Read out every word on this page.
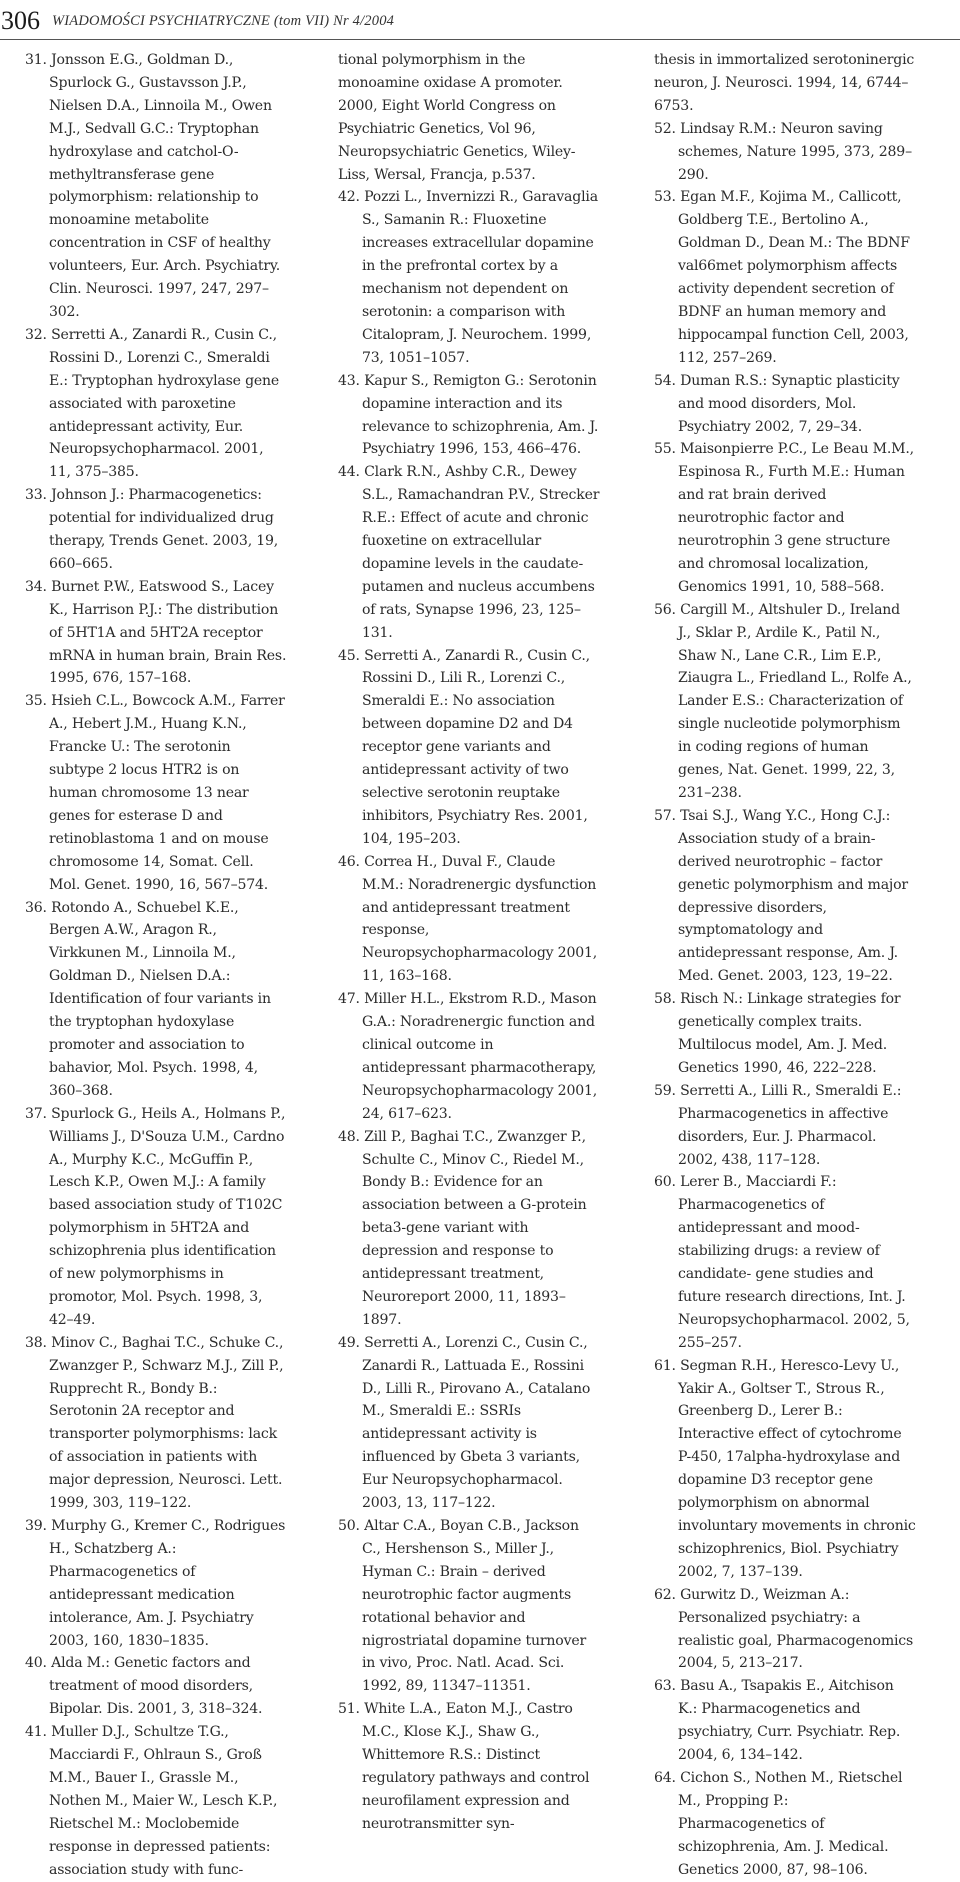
306 WIADOMOŚCI PSYCHIATRYCZNE (tom VII) Nr 4/2004

31. Jonsson E.G., Goldman D., Spurlock G., Gustavsson J.P., Nielsen D.A., Linnoila M., Owen M.J., Sedvall G.C.: Tryptophan hydroxylase and catchol-O-methyltransferase gene polymorphism: relationship to monoamine metabolite concentration in CSF of healthy volunteers, Eur. Arch. Psychiatry. Clin. Neurosci. 1997, 247, 297–302.

32. Serretti A., Zanardi R., Cusin C., Rossini D., Lorenzi C., Smeraldi E.: Tryptophan hydroxylase gene associated with paroxetine antidepressant activity, Eur. Neuropsychopharmacol. 2001, 11, 375–385.

33. Johnson J.: Pharmacogenetics: potential for individualized drug therapy, Trends Genet. 2003, 19, 660–665.

34. Burnet P.W., Eatswood S., Lacey K., Harrison P.J.: The distribution of 5HT1A and 5HT2A receptor mRNA in human brain, Brain Res. 1995, 676, 157–168.

35. Hsieh C.L., Bowcock A.M., Farrer A., Hebert J.M., Huang K.N., Francke U.: The serotonin subtype 2 locus HTR2 is on human chromosome 13 near genes for esterase D and retinoblastoma 1 and on mouse chromosome 14, Somat. Cell. Mol. Genet. 1990, 16, 567–574.

36. Rotondo A., Schuebel K.E., Bergen A.W., Aragon R., Virkkunen M., Linnoila M., Goldman D., Nielsen D.A.: Identification of four variants in the tryptophan hydoxylase promoter and association to bahavior, Mol. Psych. 1998, 4, 360–368.

37. Spurlock G., Heils A., Holmans P., Williams J., D'Souza U.M., Cardno A., Murphy K.C., McGuffin P., Lesch K.P., Owen M.J.: A family based association study of T102C polymorphism in 5HT2A and schizophrenia plus identification of new polymorphisms in promotor, Mol. Psych. 1998, 3, 42–49.

38. Minov C., Baghai T.C., Schuke C., Zwanzger P., Schwarz M.J., Zill P., Rupprecht R., Bondy B.: Serotonin 2A receptor and transporter polymorphisms: lack of association in patients with major depression, Neurosci. Lett. 1999, 303, 119–122.

39. Murphy G., Kremer C., Rodrigues H., Schatzberg A.: Pharmacogenetics of antidepressant medication intolerance, Am. J. Psychiatry 2003, 160, 1830–1835.

40. Alda M.: Genetic factors and treatment of mood disorders, Bipolar. Dis. 2001, 3, 318–324.

41. Muller D.J., Schultze T.G., Macciardi F., Ohlraun S., Groß M.M., Bauer I., Grassle M., Nothen M., Maier W., Lesch K.P., Rietschel M.: Moclobemide response in depressed patients: association study with func-

tional polymorphism in the monoamine oxidase A promoter. 2000, Eight World Congress on Psychiatric Genetics, Vol 96, Neuropsychiatric Genetics, Wiley-Liss, Wersal, Francja, p.537.

42. Pozzi L., Invernizzi R., Garavaglia S., Samanin R.: Fluoxetine increases extracellular dopamine in the prefrontal cortex by a mechanism not dependent on serotonin: a comparison with Citalopram, J. Neurochem. 1999, 73, 1051–1057.

43. Kapur S., Remigton G.: Serotonin dopamine interaction and its relevance to schizophrenia, Am. J. Psychiatry 1996, 153, 466–476.

44. Clark R.N., Ashby C.R., Dewey S.L., Ramachandran P.V., Strecker R.E.: Effect of acute and chronic fuoxetine on extracellular dopamine levels in the caudate-putamen and nucleus accumbens of rats, Synapse 1996, 23, 125–131.

45. Serretti A., Zanardi R., Cusin C., Rossini D., Lili R., Lorenzi C., Smeraldi E.: No association between dopamine D2 and D4 receptor gene variants and antidepressant activity of two selective serotonin reuptake inhibitors, Psychiatry Res. 2001, 104, 195–203.

46. Correa H., Duval F., Claude M.M.: Noradrenergic dysfunction and antidepressant treatment response, Neuropsychopharmacology 2001, 11, 163–168.

47. Miller H.L., Ekstrom R.D., Mason G.A.: Noradrenergic function and clinical outcome in antidepressant pharmacotherapy, Neuropsychopharmacology 2001, 24, 617–623.

48. Zill P., Baghai T.C., Zwanzger P., Schulte C., Minov C., Riedel M., Bondy B.: Evidence for an association between a G-protein beta3-gene variant with depression and response to antidepressant treatment, Neuroreport 2000, 11, 1893–1897.

49. Serretti A., Lorenzi C., Cusin C., Zanardi R., Lattuada E., Rossini D., Lilli R., Pirovano A., Catalano M., Smeraldi E.: SSRIs antidepressant activity is influenced by Gbeta 3 variants, Eur Neuropsychopharmacol. 2003, 13, 117–122.

50. Altar C.A., Boyan C.B., Jackson C., Hershenson S., Miller J., Hyman C.: Brain – derived neurotrophic factor augments rotational behavior and nigrostriatal dopamine turnover in vivo, Proc. Natl. Acad. Sci. 1992, 89, 11347–11351.

51. White L.A., Eaton M.J., Castro M.C., Klose K.J., Shaw G., Whittemore R.S.: Distinct regulatory pathways and control neurofilament expression and neurotransmitter syn-

thesis in immortalized serotoninergic neuron, J. Neurosci. 1994, 14, 6744–6753.

52. Lindsay R.M.: Neuron saving schemes, Nature 1995, 373, 289–290.

53. Egan M.F., Kojima M., Callicott, Goldberg T.E., Bertolino A., Goldman D., Dean M.: The BDNF val66met polymorphism affects activity dependent secretion of BDNF an human memory and hippocampal function Cell, 2003, 112, 257–269.

54. Duman R.S.: Synaptic plasticity and mood disorders, Mol. Psychiatry 2002, 7, 29–34.

55. Maisonpierre P.C., Le Beau M.M., Espinosa R., Furth M.E.: Human and rat brain derived neurotrophic factor and neurotrophin 3 gene structure and chromosal localization, Genomics 1991, 10, 588–568.

56. Cargill M., Altshuler D., Ireland J., Sklar P., Ardile K., Patil N., Shaw N., Lane C.R., Lim E.P., Ziaugra L., Friedland L., Rolfe A., Lander E.S.: Characterization of single nucleotide polymorphism in coding regions of human genes, Nat. Genet. 1999, 22, 3, 231–238.

57. Tsai S.J., Wang Y.C., Hong C.J.: Association study of a brain-derived neurotrophic – factor genetic polymorphism and major depressive disorders, symptomatology and antidepressant response, Am. J. Med. Genet. 2003, 123, 19–22.

58. Risch N.: Linkage strategies for genetically complex traits. Multilocus model, Am. J. Med. Genetics 1990, 46, 222–228.

59. Serretti A., Lilli R., Smeraldi E.: Pharmacogenetics in affective disorders, Eur. J. Pharmacol. 2002, 438, 117–128.

60. Lerer B., Macciardi F.: Pharmacogenetics of antidepressant and mood- stabilizing drugs: a review of candidate- gene studies and future research directions, Int. J. Neuropsychopharmacol. 2002, 5, 255–257.

61. Segman R.H., Heresco-Levy U., Yakir A., Goltser T., Strous R., Greenberg D., Lerer B.: Interactive effect of cytochrome P-450, 17alpha-hydroxylase and dopamine D3 receptor gene polymorphism on abnormal involuntary movements in chronic schizophrenics, Biol. Psychiatry 2002, 7, 137–139.

62. Gurwitz D., Weizman A.: Personalized psychiatry: a realistic goal, Pharmacogenomics 2004, 5, 213–217.

63. Basu A., Tsapakis E., Aitchison K.: Pharmacogenetics and psychiatry, Curr. Psychiatr. Rep. 2004, 6, 134–142.

64. Cichon S., Nothen M., Rietschel M., Propping P.: Pharmacogenetics of schizophrenia, Am. J. Medical. Genetics 2000, 87, 98–106.
